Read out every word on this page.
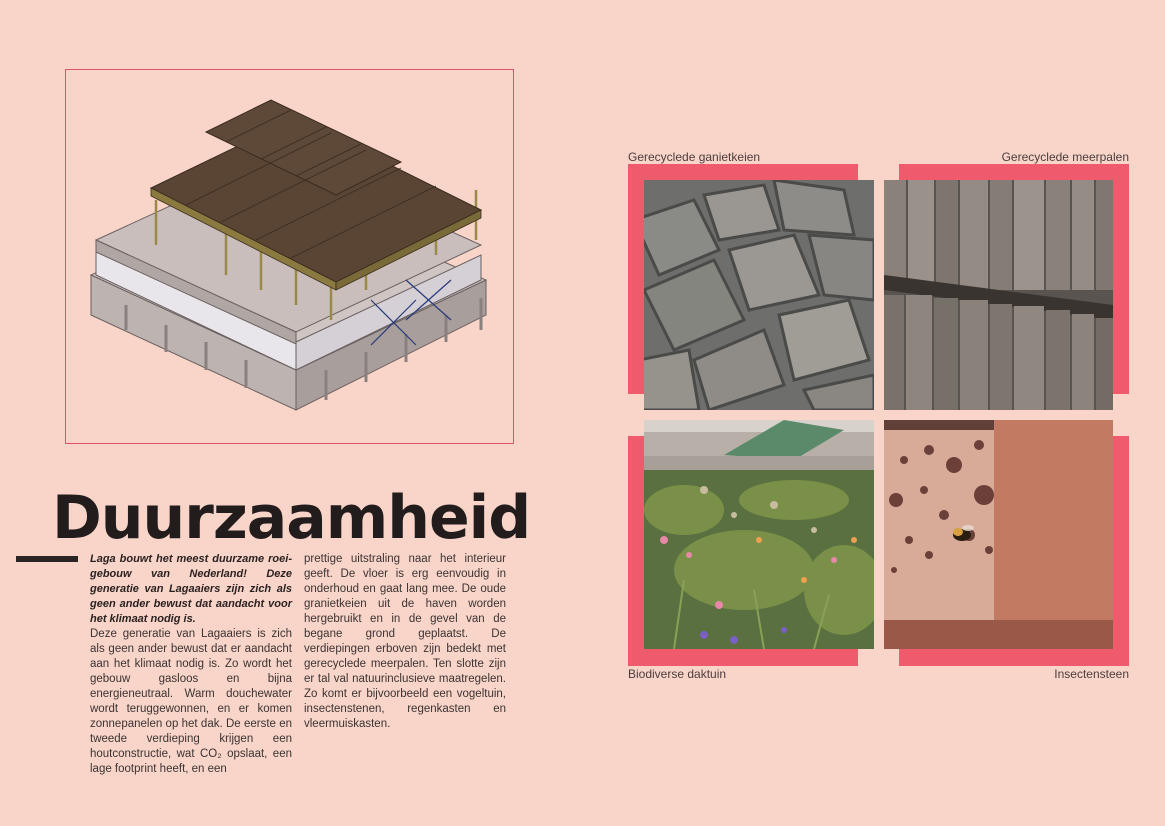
Duurzaamheid

Laga bouwt het meest duurzame roeigebouw van Nederland! Deze generatie van Lagaaiers zijn zich als geen ander bewust dat aandacht voor het klimaat nodig is.

Deze generatie van Lagaaiers is zich als geen ander bewust dat er aandacht aan het klimaat nodig is. Zo wordt het gebouw gasloos en bijna energieneutraal. Warm douchewater wordt teruggewonnen, en er komen zonnepanelen op het dak. De eerste en tweede verdieping krijgen een houtconstructie, wat CO₂ opslaat, een lage footprint heeft, en een

prettige uitstraling naar het interieur geeft. De vloer is erg eenvoudig in onderhoud en gaat lang mee. De oude granietkeien uit de haven worden hergebruikt en in de gevel van de begane grond geplaatst. De verdiepingen erboven zijn bedekt met gerecyclede meerpalen. Ten slotte zijn er tal val natuurinclusieve maatregelen. Zo komt er bijvoorbeeld een vogeltuin, insectenstenen, regenkasten en vleermuiskasten.

Gerecyclede ganietkeien	Gerecyclede meerpalen
Biodiverse daktuin	Insectensteen
